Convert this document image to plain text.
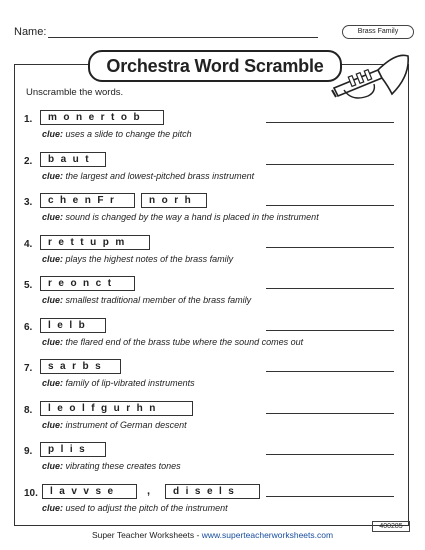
Name:	Brass Family
Orchestra Word Scramble
Unscramble the words.
1.	monertob
clue: uses a slide to change the pitch
2.	baut
clue: the largest and lowest-pitched brass instrument
3.	chenFr	norh
clue: sound is changed by the way a hand is placed in the instrument
4.	rettupm
clue: plays the highest notes of the brass family
5.	reonct
clue: smallest traditional member of the brass family
6.	lelb
clue: the flared end of the brass tube where the sound comes out
7.	sarbs
clue: family of lip-vibrated instruments
8.	leolfgurhn
clue: instrument of German descent
9.	plis
clue: vibrating these creates tones
10.	lavvse	,	disels
clue: used to adjust the pitch of the instrument
Super Teacher Worksheets - www.superteacherworksheets.com
400285
